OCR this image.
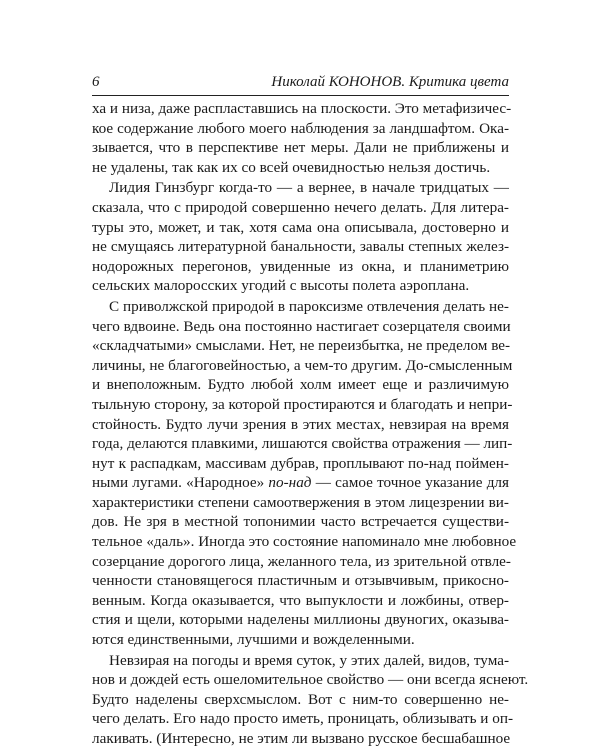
6	Николай КОНОНОВ. Критика цвета
ха и низа, даже распластавшись на плоскости. Это метафизичес-
кое содержание любого моего наблюдения за ландшафтом. Ока-
зывается, что в перспективе нет меры. Дали не приближены и
не удалены, так как их со всей очевидностью нельзя достичь.
Лидия Гинзбург когда-то — а вернее, в начале тридцатых —
сказала, что с природой совершенно нечего делать. Для литера-
туры это, может, и так, хотя сама она описывала, достоверно и
не смущаясь литературной банальности, завалы степных желез-
нодорожных перегонов, увиденные из окна, и планиметрию
сельских малоросских угодий с высоты полета аэроплана.
С приволжской природой в пароксизме отвлечения делать не-
чего вдвоине. Ведь она постоянно настигает созерцателя своими
«складчатыми» смыслами. Нет, не переизбытка, не пределом ве-
личины, не благоговейностью, а чем-то другим. До-смысленным
и внеположным. Будто любой холм имеет еще и различимую
тыльную сторону, за которой простираются и благодать и непри-
стойность. Будто лучи зрения в этих местах, невзирая на время
года, делаются плавкими, лишаются свойства отражения — лип-
нут к распадкам, массивам дубрав, проплывают по-над поймен-
ными лугами. «Народное» по-над — самое точное указание для
характеристики степени самоотвержения в этом лицезрении ви-
дов. Не зря в местной топонимии часто встречается существи-
тельное «даль». Иногда это состояние напоминало мне любовное
созерцание дорогого лица, желанного тела, из зрительной отвле-
ченности становящегося пластичным и отзывчивым, прикосно-
венным. Когда оказывается, что выпуклости и ложбины, отвер-
стия и щели, которыми наделены миллионы двуногих, оказыва-
ются единственными, лучшими и вожделенными.
Невзирая на погоды и время суток, у этих далей, видов, тума-
нов и дождей есть ошеломительное свойство — они всегда яснеют.
Будто наделены сверхсмыслом. Вот с ним-то совершенно не-
чего делать. Его надо просто иметь, проницать, облизывать и оп-
лакивать. (Интересно, не этим ли вызвано русское бесшабашное
